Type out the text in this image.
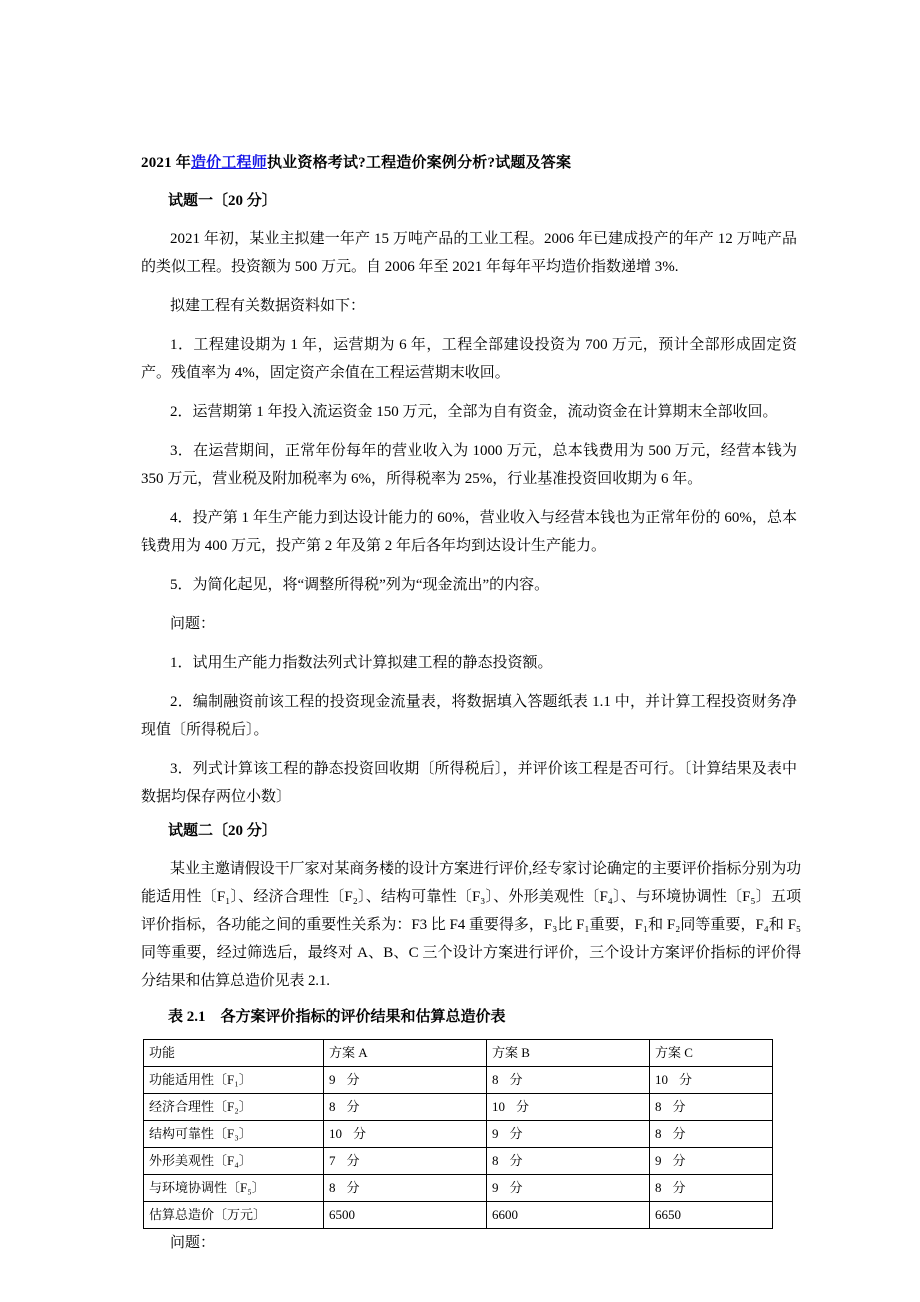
2021 年造价工程师执业资格考试?工程造价案例分析?试题及答案
试题一〔20 分〕

2021 年初，某业主拟建一年产 15 万吨产品的工业工程。2006 年已建成投产的年产 12 万吨产品的类似工程。投资额为 500 万元。自 2006 年至 2021 年每年平均造价指数递增 3%.

拟建工程有关数据资料如下：

1．工程建设期为 1 年，运营期为 6 年，工程全部建设投资为 700 万元，预计全部形成固定资产。残值率为 4%，固定资产余值在工程运营期末收回。

2．运营期第 1 年投入流运资金 150 万元，全部为自有资金，流动资金在计算期末全部收回。

3．在运营期间，正常年份每年的营业收入为 1000 万元，总本钱费用为 500 万元，经营本钱为 350 万元，营业税及附加税率为 6%，所得税率为 25%，行业基准投资回收期为 6 年。

4．投产第 1 年生产能力到达设计能力的 60%，营业收入与经营本钱也为正常年份的 60%，总本钱费用为 400 万元，投产第 2 年及第 2 年后各年均到达设计生产能力。

5．为简化起见，将“调整所得税”列为“现金流出”的内容。

问题：

1．试用生产能力指数法列式计算拟建工程的静态投资额。

2．编制融资前该工程的投资现金流量表，将数据填入答题纸表 1.1 中，并计算工程投资财务净现值〔所得税后〕。

3．列式计算该工程的静态投资回收期〔所得税后〕，并评价该工程是否可行。〔计算结果及表中数据均保存两位小数〕

试题二〔20 分〕

某业主邀请假设干厂家对某商务楼的设计方案进行评价,经专家讨论确定的主要评价指标分别为功能适用性〔F₁〕、经济合理性〔F₂〕、结构可靠性〔F₃〕、外形美观性〔F₄〕、与环境协调性〔F₅〕五项评价指标，各功能之间的重要性关系为：F3 比 F4 重要得多，F₃比 F₁重要，F₁和 F₂同等重要，F₄和 F₅同等重要，经过筛选后，最终对 A、B、C 三个设计方案进行评价，三个设计方案评价指标的评价得分结果和估算总造价见表 2.1.

表 2.1　各方案评价指标的评价结果和估算总造价表
功能	方案 A	方案 B	方案 C
功能适用性〔F₁〕	9 分	8 分	10 分
经济合理性〔F₂〕	8 分	10 分	8 分
结构可靠性〔F₃〕	10 分	9 分	8 分
外形美观性〔F₄〕	7 分	8 分	9 分
与环境协调性〔F₅〕	8 分	9 分	8 分
估算总造价〔万元〕	6500	6600	6650

问题：
